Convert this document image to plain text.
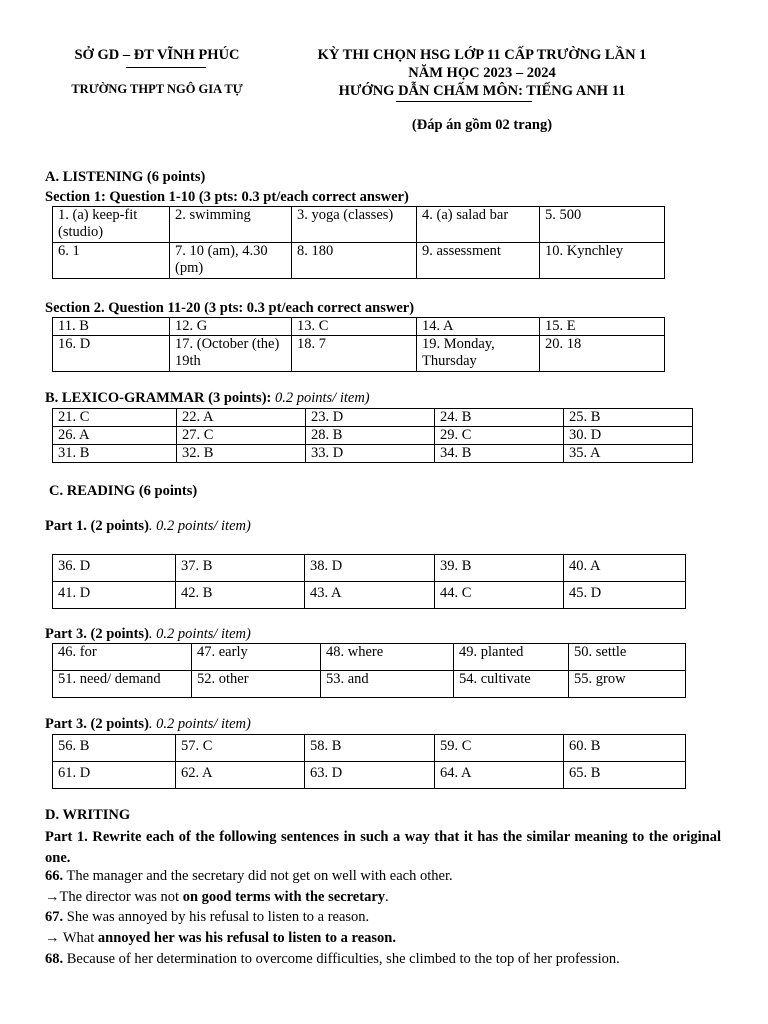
SỞ GD – ĐT VĨNH PHÚC
TRƯỜNG THPT NGÔ GIA TỰ
KỲ THI CHỌN HSG LỚP 11 CẤP TRƯỜNG LẦN 1
NĂM HỌC 2023 – 2024
HƯỚNG DẪN CHẤM MÔN: TIẾNG ANH 11
(Đáp án gồm 02 trang)
A. LISTENING (6 points)
Section 1: Question 1-10 (3 pts: 0.3 pt/each correct answer)
1. (a) keep-fit (studio)	2. swimming	3. yoga (classes)	4. (a) salad bar	5. 500
6. 1	7. 10 (am), 4.30 (pm)	8. 180	9. assessment	10. Kynchley
Section 2. Question 11-20 (3 pts: 0.3 pt/each correct answer)
11. B	12. G	13. C	14. A	15. E
16. D	17. (October (the) 19th	18. 7	19. Monday, Thursday	20. 18
B. LEXICO-GRAMMAR (3 points): 0.2 points/ item)
21. C	22. A	23. D	24. B	25. B
26. A	27. C	28. B	29. C	30. D
31. B	32. B	33. D	34. B	35. A
C. READING (6 points)
Part 1. (2 points). 0.2 points/ item)
36. D	37. B	38. D	39. B	40. A
41. D	42. B	43. A	44. C	45. D
Part 3. (2 points). 0.2 points/ item)
46. for	47. early	48. where	49. planted	50. settle
51. need/ demand	52. other	53. and	54. cultivate	55. grow
Part 3. (2 points). 0.2 points/ item)
56. B	57. C	58. B	59. C	60. B
61. D	62. A	63. D	64. A	65. B
D. WRITING
Part 1. Rewrite each of the following sentences in such a way that it has the similar meaning to the original one.
66. The manager and the secretary did not get on well with each other.
→The director was not on good terms with the secretary.
67. She was annoyed by his refusal to listen to a reason.
→ What annoyed her was his refusal to listen to a reason.
68. Because of her determination to overcome difficulties, she climbed to the top of her profession.
